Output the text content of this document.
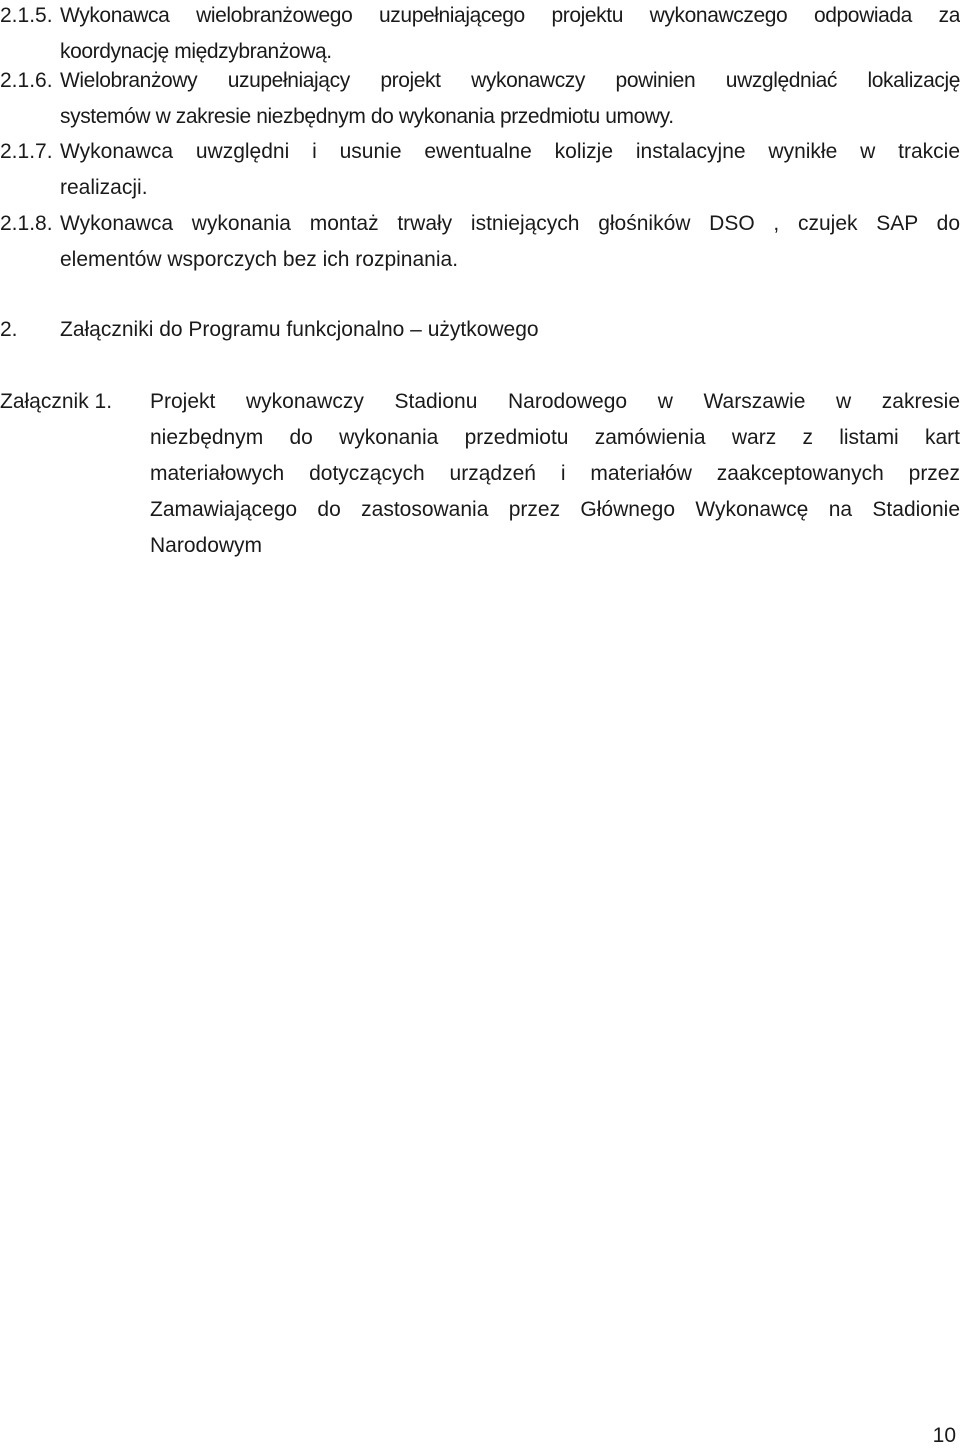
2.1.5. Wykonawca wielobranżowego uzupełniającego projektu wykonawczego odpowiada za
koordynację międzybranżową.
2.1.6. Wielobranżowy uzupełniający projekt wykonawczy powinien uwzględniać lokalizację
systemów w zakresie niezbędnym do wykonania przedmiotu umowy.
2.1.7. Wykonawca uwzględni i usunie ewentualne kolizje instalacyjne wynikłe w trakcie
realizacji.
2.1.8. Wykonawca wykonania montaż trwały istniejących głośników DSO , czujek SAP do
elementów wsporczych bez ich rozpinania.
2. Załączniki do Programu funkcjonalno – użytkowego
Załącznik 1. Projekt wykonawczy Stadionu Narodowego w Warszawie w zakresie
niezbędnym do wykonania przedmiotu zamówienia warz z listami kart
materiałowych dotyczących urządzeń i materiałów zaakceptowanych przez
Zamawiającego do zastosowania przez Głównego Wykonawcę na Stadionie
Narodowym
10
